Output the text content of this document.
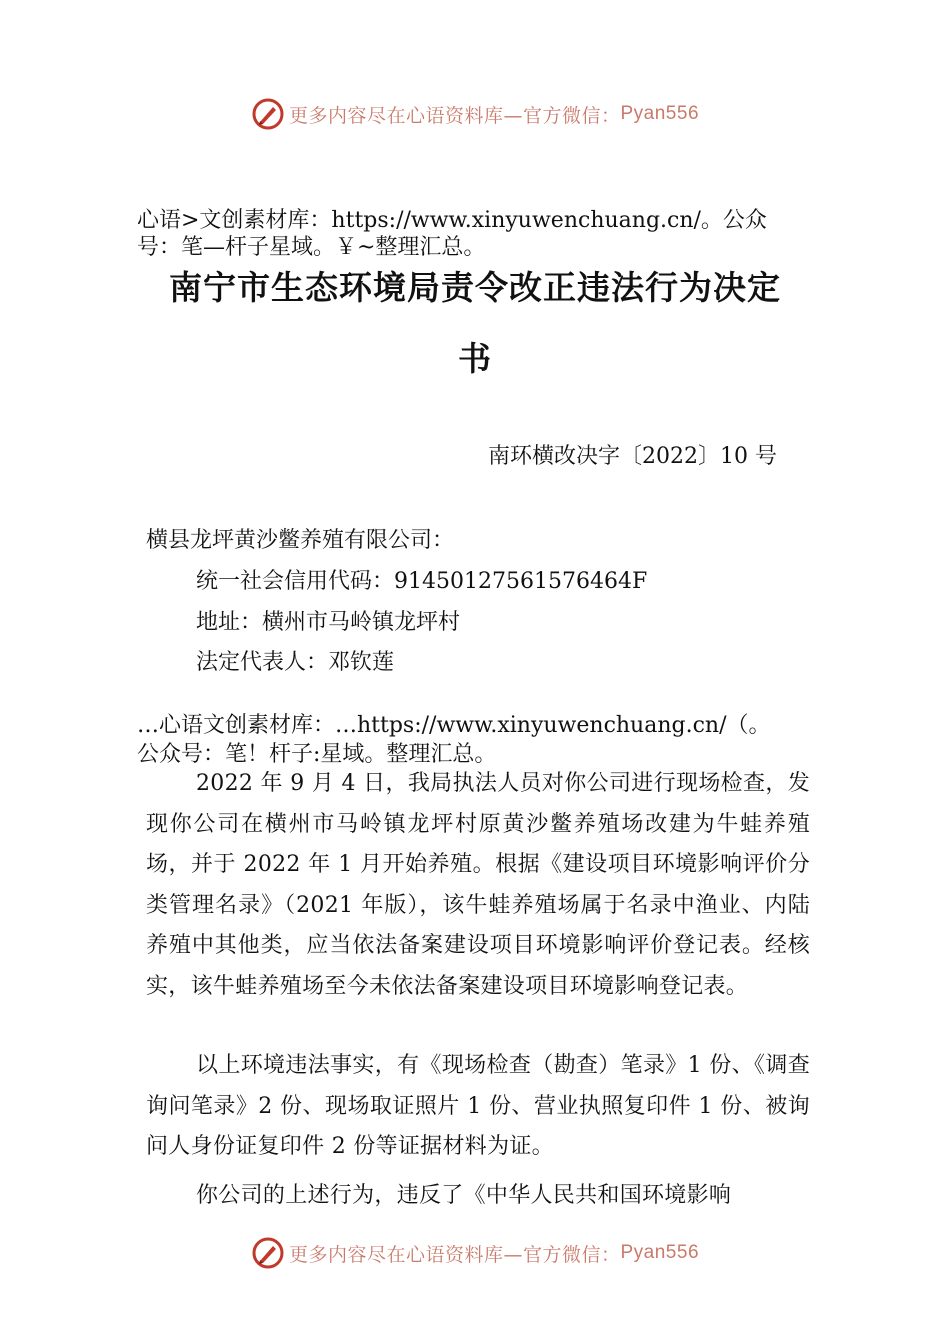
更多内容尽在心语资料库—官方微信： Pyan556
心语>文创素材库：https://www.xinyuwenchuang.cn/。公众
号：笔—杆子星域。￥~整理汇总。
南宁市生态环境局责令改正违法行为决定
书
南环横改决字〔2022〕10 号
横县龙坪黄沙鳖养殖有限公司：
统一社会信用代码：91450127561576464F
地址：横州市马岭镇龙坪村
法定代表人：邓钦莲
…心语文创素材库：…https://www.xinyuwenchuang.cn/（。
公众号：笔！杆子:星域。整理汇总。
2022 年 9 月 4 日，我局执法人员对你公司进行现场检查，发现你公司在横州市马岭镇龙坪村原黄沙鳖养殖场改建为牛蛙养殖场，并于 2022 年 1 月开始养殖。根据《建设项目环境影响评价分类管理名录》（2021 年版），该牛蛙养殖场属于名录中渔业、内陆养殖中其他类，应当依法备案建设项目环境影响评价登记表。经核实，该牛蛙养殖场至今未依法备案建设项目环境影响登记表。
以上环境违法事实，有《现场检查（勘查）笔录》1 份、《调查询问笔录》2 份、现场取证照片 1 份、营业执照复印件 1 份、被询问人身份证复印件 2 份等证据材料为证。
你公司的上述行为，违反了《中华人民共和国环境影响
更多内容尽在心语资料库—官方微信： Pyan556
